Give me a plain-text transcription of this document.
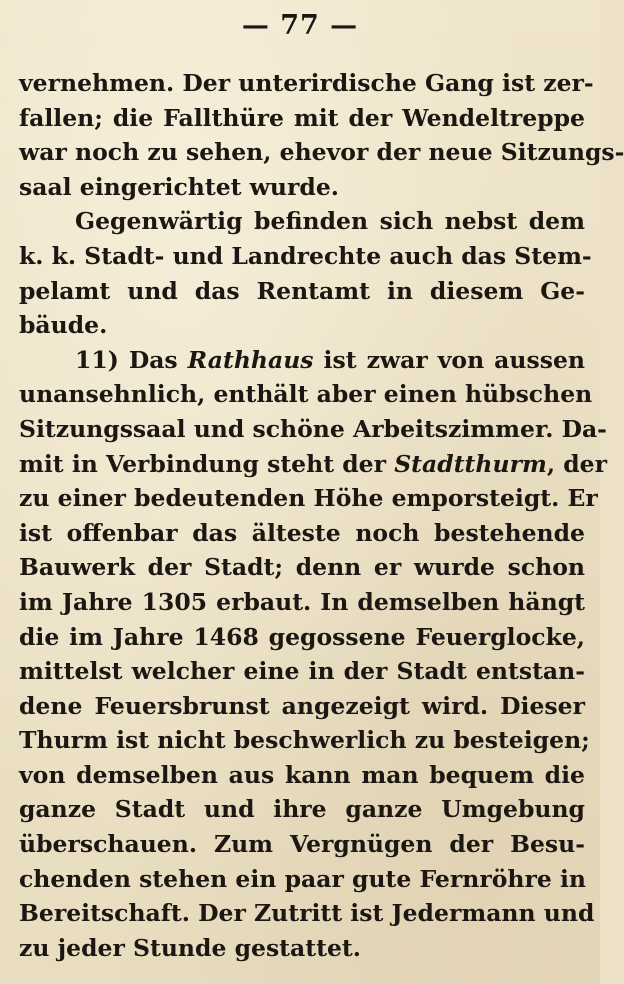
— 77 —
vernehmen. Der unterirdische Gang ist zer-
fallen; die Fallthüre mit der Wendeltreppe
war noch zu sehen, ehevor der neue Sitzungs-
saal eingerichtet wurde.
Gegenwärtig befinden sich nebst dem
k. k. Stadt- und Landrechte auch das Stem-
pelamt und das Rentamt in diesem Ge-
bäude.
11) Das Rathhaus ist zwar von aussen
unansehnlich, enthält aber einen hübschen
Sitzungssaal und schöne Arbeitszimmer. Da-
mit in Verbindung steht der Stadtthurm, der
zu einer bedeutenden Höhe emporsteigt. Er
ist offenbar das älteste noch bestehende
Bauwerk der Stadt; denn er wurde schon
im Jahre 1305 erbaut. In demselben hängt
die im Jahre 1468 gegossene Feuerglocke,
mittelst welcher eine in der Stadt entstan-
dene Feuersbrunst angezeigt wird. Dieser
Thurm ist nicht beschwerlich zu besteigen;
von demselben aus kann man bequem die
ganze Stadt und ihre ganze Umgebung
überschauen. Zum Vergnügen der Besu-
chenden stehen ein paar gute Fernröhre in
Bereitschaft. Der Zutritt ist Jedermann und
zu jeder Stunde gestattet.
